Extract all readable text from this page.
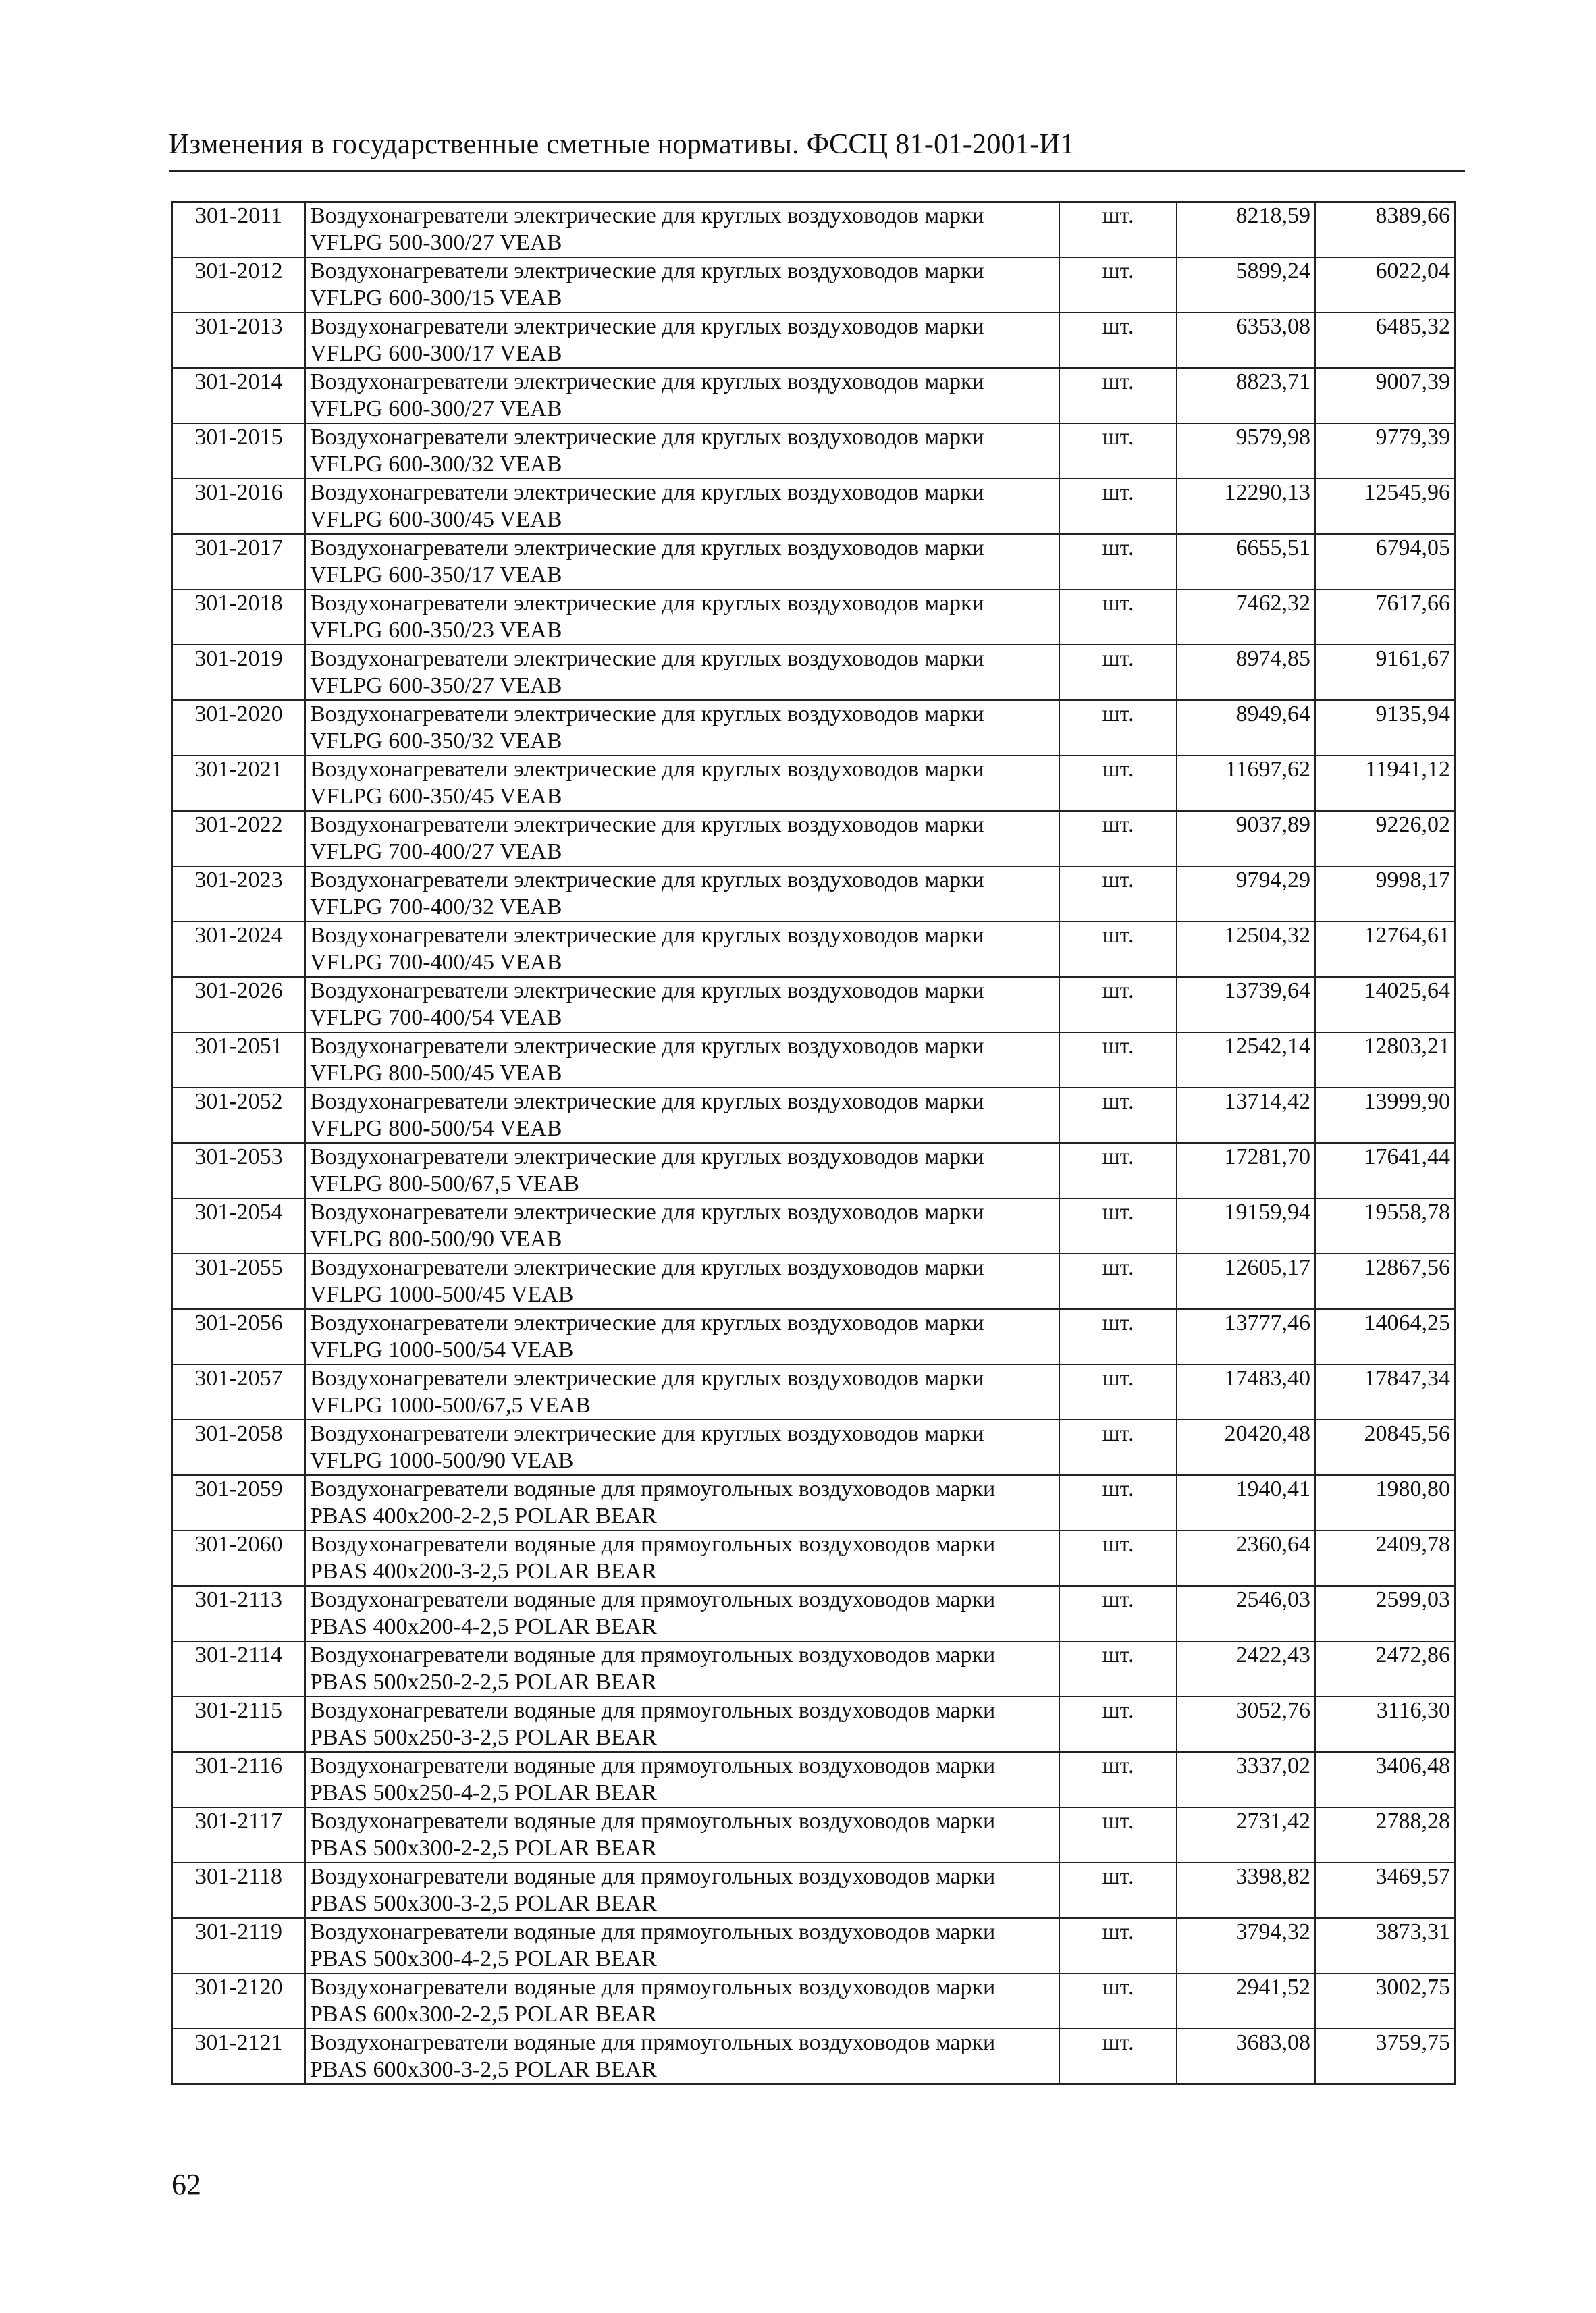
Изменения в государственные сметные нормативы. ФССЦ 81-01-2001-И1
301-2011	Воздухонагреватели электрические для круглых воздуховодов марки VFLPG 500-300/27 VEAB	шт.	8218,59	8389,66
301-2012	Воздухонагреватели электрические для круглых воздуховодов марки VFLPG 600-300/15 VEAB	шт.	5899,24	6022,04
301-2013	Воздухонагреватели электрические для круглых воздуховодов марки VFLPG 600-300/17 VEAB	шт.	6353,08	6485,32
301-2014	Воздухонагреватели электрические для круглых воздуховодов марки VFLPG 600-300/27 VEAB	шт.	8823,71	9007,39
301-2015	Воздухонагреватели электрические для круглых воздуховодов марки VFLPG 600-300/32 VEAB	шт.	9579,98	9779,39
301-2016	Воздухонагреватели электрические для круглых воздуховодов марки VFLPG 600-300/45 VEAB	шт.	12290,13	12545,96
301-2017	Воздухонагреватели электрические для круглых воздуховодов марки VFLPG 600-350/17 VEAB	шт.	6655,51	6794,05
301-2018	Воздухонагреватели электрические для круглых воздуховодов марки VFLPG 600-350/23 VEAB	шт.	7462,32	7617,66
301-2019	Воздухонагреватели электрические для круглых воздуховодов марки VFLPG 600-350/27 VEAB	шт.	8974,85	9161,67
301-2020	Воздухонагреватели электрические для круглых воздуховодов марки VFLPG 600-350/32 VEAB	шт.	8949,64	9135,94
301-2021	Воздухонагреватели электрические для круглых воздуховодов марки VFLPG 600-350/45 VEAB	шт.	11697,62	11941,12
301-2022	Воздухонагреватели электрические для круглых воздуховодов марки VFLPG 700-400/27 VEAB	шт.	9037,89	9226,02
301-2023	Воздухонагреватели электрические для круглых воздуховодов марки VFLPG 700-400/32 VEAB	шт.	9794,29	9998,17
301-2024	Воздухонагреватели электрические для круглых воздуховодов марки VFLPG 700-400/45 VEAB	шт.	12504,32	12764,61
301-2026	Воздухонагреватели электрические для круглых воздуховодов марки VFLPG 700-400/54 VEAB	шт.	13739,64	14025,64
301-2051	Воздухонагреватели электрические для круглых воздуховодов марки VFLPG 800-500/45 VEAB	шт.	12542,14	12803,21
301-2052	Воздухонагреватели электрические для круглых воздуховодов марки VFLPG 800-500/54 VEAB	шт.	13714,42	13999,90
301-2053	Воздухонагреватели электрические для круглых воздуховодов марки VFLPG 800-500/67,5 VEAB	шт.	17281,70	17641,44
301-2054	Воздухонагреватели электрические для круглых воздуховодов марки VFLPG 800-500/90 VEAB	шт.	19159,94	19558,78
301-2055	Воздухонагреватели электрические для круглых воздуховодов марки VFLPG 1000-500/45 VEAB	шт.	12605,17	12867,56
301-2056	Воздухонагреватели электрические для круглых воздуховодов марки VFLPG 1000-500/54 VEAB	шт.	13777,46	14064,25
301-2057	Воздухонагреватели электрические для круглых воздуховодов марки VFLPG 1000-500/67,5 VEAB	шт.	17483,40	17847,34
301-2058	Воздухонагреватели электрические для круглых воздуховодов марки VFLPG 1000-500/90 VEAB	шт.	20420,48	20845,56
301-2059	Воздухонагреватели водяные для прямоугольных воздуховодов марки PBAS 400x200-2-2,5 POLAR BEAR	шт.	1940,41	1980,80
301-2060	Воздухонагреватели водяные для прямоугольных воздуховодов марки PBAS 400x200-3-2,5 POLAR BEAR	шт.	2360,64	2409,78
301-2113	Воздухонагреватели водяные для прямоугольных воздуховодов марки PBAS 400x200-4-2,5 POLAR BEAR	шт.	2546,03	2599,03
301-2114	Воздухонагреватели водяные для прямоугольных воздуховодов марки PBAS 500x250-2-2,5 POLAR BEAR	шт.	2422,43	2472,86
301-2115	Воздухонагреватели водяные для прямоугольных воздуховодов марки PBAS 500x250-3-2,5 POLAR BEAR	шт.	3052,76	3116,30
301-2116	Воздухонагреватели водяные для прямоугольных воздуховодов марки PBAS 500x250-4-2,5 POLAR BEAR	шт.	3337,02	3406,48
301-2117	Воздухонагреватели водяные для прямоугольных воздуховодов марки PBAS 500x300-2-2,5 POLAR BEAR	шт.	2731,42	2788,28
301-2118	Воздухонагреватели водяные для прямоугольных воздуховодов марки PBAS 500x300-3-2,5 POLAR BEAR	шт.	3398,82	3469,57
301-2119	Воздухонагреватели водяные для прямоугольных воздуховодов марки PBAS 500x300-4-2,5 POLAR BEAR	шт.	3794,32	3873,31
301-2120	Воздухонагреватели водяные для прямоугольных воздуховодов марки PBAS 600x300-2-2,5 POLAR BEAR	шт.	2941,52	3002,75
301-2121	Воздухонагреватели водяные для прямоугольных воздуховодов марки PBAS 600x300-3-2,5 POLAR BEAR	шт.	3683,08	3759,75
62
